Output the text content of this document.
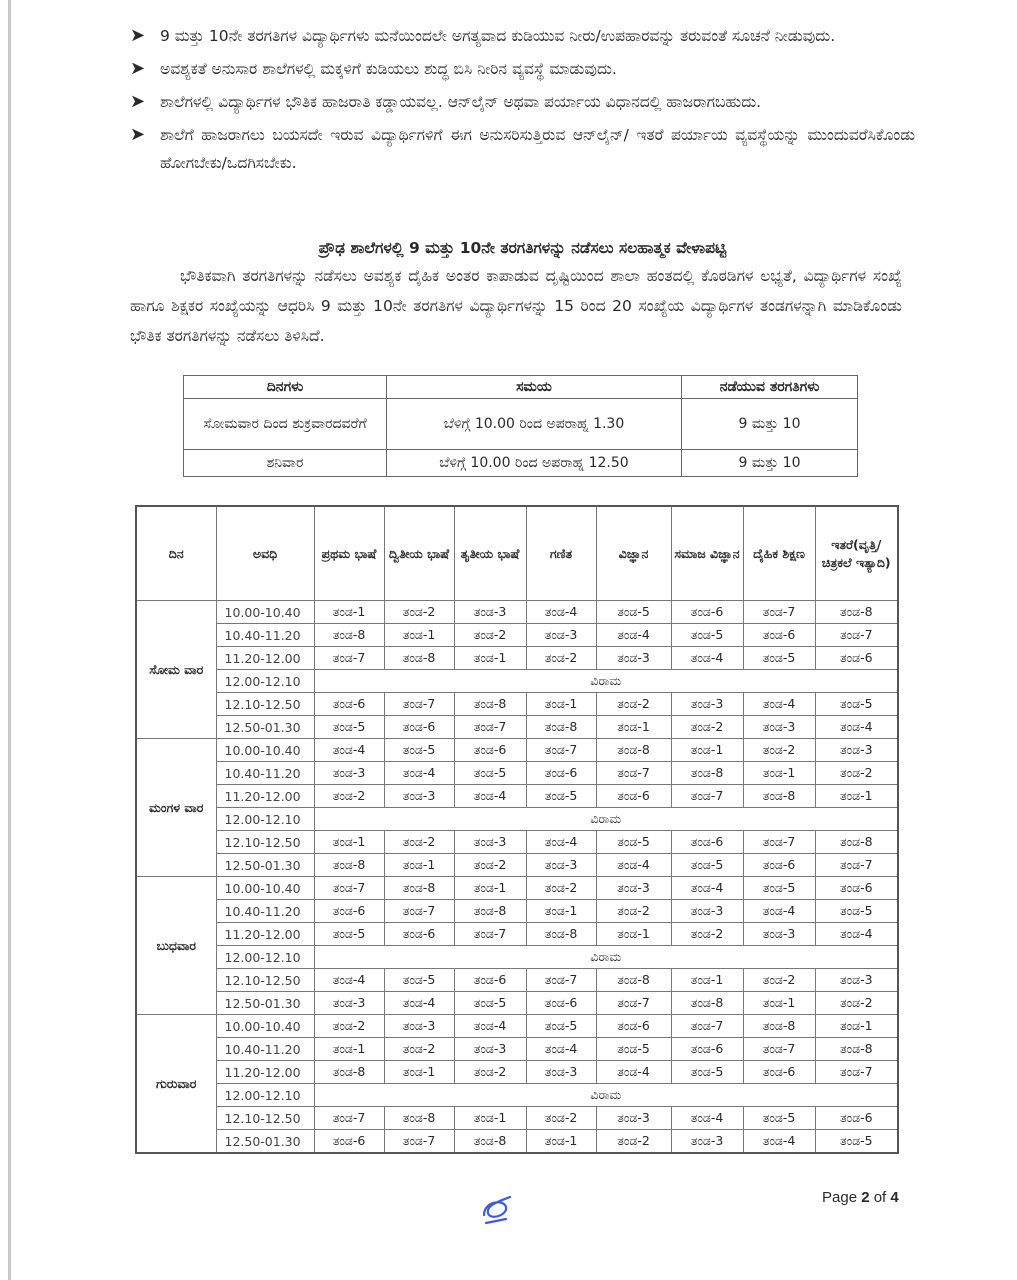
➤ 9 ಮತ್ತು 10ನೇ ತರಗತಿಗಳ ವಿದ್ಯಾರ್ಥಿಗಳು ಮನೆಯಿಂದಲೇ ಅಗತ್ಯವಾದ ಕುಡಿಯುವ ನೀರು/ಉಪಹಾರವನ್ನು ತರುವಂತೆ ಸೂಚನೆ ನೀಡುವುದು.
➤ ಅವಶ್ಯಕತೆ ಅನುಸಾರ ಶಾಲೆಗಳಲ್ಲಿ ಮಕ್ಕಳಿಗೆ ಕುಡಿಯಲು ಶುದ್ಧ ಬಿಸಿ ನೀರಿನ ವ್ಯವಸ್ಥೆ ಮಾಡುವುದು.
➤ ಶಾಲೆಗಳಲ್ಲಿ ವಿದ್ಯಾರ್ಥಿಗಳ ಭೌತಿಕ ಹಾಜರಾತಿ ಕಡ್ಡಾಯವಲ್ಲ. ಆನ್‌ಲೈನ್ ಅಥವಾ ಪರ್ಯಾಯ ವಿಧಾನದಲ್ಲಿ ಹಾಜರಾಗಬಹುದು.
➤ ಶಾಲೆಗೆ ಹಾಜರಾಗಲು ಬಯಸದೇ ಇರುವ ವಿದ್ಯಾರ್ಥಿಗಳಿಗೆ ಈಗ ಅನುಸರಿಸುತ್ತಿರುವ ಆನ್‌ಲೈನ್/ ಇತರೆ ಪರ್ಯಾಯ ವ್ಯವಸ್ಥೆಯನ್ನು ಮುಂದುವರೆಸಿಕೊಂಡು ಹೋಗಬೇಕು/ಒದಗಿಸಬೇಕು.
ಪ್ರೌಢ ಶಾಲೆಗಳಲ್ಲಿ 9 ಮತ್ತು 10ನೇ ತರಗತಿಗಳನ್ನು ನಡೆಸಲು ಸಲಹಾತ್ಮಕ ವೇಳಾಪಟ್ಟಿ
ಭೌತಿಕವಾಗಿ ತರಗತಿಗಳನ್ನು ನಡೆಸಲು ಅವಶ್ಯಕ ದೈಹಿಕ ಅಂತರ ಕಾಪಾಡುವ ದೃಷ್ಟಿಯಿಂದ ಶಾಲಾ ಹಂತದಲ್ಲಿ ಕೊಠಡಿಗಳ ಲಭ್ಯತೆ, ವಿದ್ಯಾರ್ಥಿಗಳ ಸಂಖ್ಯೆ ಹಾಗೂ ಶಿಕ್ಷಕರ ಸಂಖ್ಯೆಯನ್ನು ಆಧರಿಸಿ 9 ಮತ್ತು 10ನೇ ತರಗತಿಗಳ ವಿದ್ಯಾರ್ಥಿಗಳನ್ನು 15 ರಿಂದ 20 ಸಂಖ್ಯೆಯ ವಿದ್ಯಾರ್ಥಿಗಳ ತಂಡಗಳನ್ನಾಗಿ ಮಾಡಿಕೊಂಡು ಭೌತಿಕ ತರಗತಿಗಳನ್ನು ನಡೆಸಲು ತಿಳಿಸಿದೆ.
ದಿನಗಳು	ಸಮಯ	ನಡೆಯುವ ತರಗತಿಗಳು
ಸೋಮವಾರ ದಿಂದ ಶುಕ್ರವಾರದವರೆಗೆ	ಬೆಳಿಗ್ಗೆ 10.00 ರಿಂದ ಅಪರಾಹ್ನ 1.30	9 ಮತ್ತು 10
ಶನಿವಾರ	ಬೆಳಿಗ್ಗೆ 10.00 ರಿಂದ ಅಪರಾಹ್ನ 12.50	9 ಮತ್ತು 10
ದಿನ	ಅವಧಿ	ಪ್ರಥಮ ಭಾಷೆ	ದ್ವಿತೀಯ ಭಾಷೆ	ತೃತೀಯ ಭಾಷೆ	ಗಣಿತ	ವಿಜ್ಞಾನ	ಸಮಾಜ ವಿಜ್ಞಾನ	ದೈಹಿಕ ಶಿಕ್ಷಣ	ಇತರೆ(ವೃತ್ತಿ/ ಚಿತ್ರಕಲೆ ಇತ್ಯಾದಿ)
ಸೋಮ ವಾರ	10.00-10.40	ತಂಡ-1	ತಂಡ-2	ತಂಡ-3	ತಂಡ-4	ತಂಡ-5	ತಂಡ-6	ತಂಡ-7	ತಂಡ-8
	10.40-11.20	ತಂಡ-8	ತಂಡ-1	ತಂಡ-2	ತಂಡ-3	ತಂಡ-4	ತಂಡ-5	ತಂಡ-6	ತಂಡ-7
	11.20-12.00	ತಂಡ-7	ತಂಡ-8	ತಂಡ-1	ತಂಡ-2	ತಂಡ-3	ತಂಡ-4	ತಂಡ-5	ತಂಡ-6
	12.00-12.10	ವಿರಾಮ							
	12.10-12.50	ತಂಡ-6	ತಂಡ-7	ತಂಡ-8	ತಂಡ-1	ತಂಡ-2	ತಂಡ-3	ತಂಡ-4	ತಂಡ-5
	12.50-01.30	ತಂಡ-5	ತಂಡ-6	ತಂಡ-7	ತಂಡ-8	ತಂಡ-1	ತಂಡ-2	ತಂಡ-3	ತಂಡ-4
ಮಂಗಳ ವಾರ	10.00-10.40	ತಂಡ-4	ತಂಡ-5	ತಂಡ-6	ತಂಡ-7	ತಂಡ-8	ತಂಡ-1	ತಂಡ-2	ತಂಡ-3
	10.40-11.20	ತಂಡ-3	ತಂಡ-4	ತಂಡ-5	ತಂಡ-6	ತಂಡ-7	ತಂಡ-8	ತಂಡ-1	ತಂಡ-2
	11.20-12.00	ತಂಡ-2	ತಂಡ-3	ತಂಡ-4	ತಂಡ-5	ತಂಡ-6	ತಂಡ-7	ತಂಡ-8	ತಂಡ-1
	12.00-12.10	ವಿರಾಮ							
	12.10-12.50	ತಂಡ-1	ತಂಡ-2	ತಂಡ-3	ತಂಡ-4	ತಂಡ-5	ತಂಡ-6	ತಂಡ-7	ತಂಡ-8
	12.50-01.30	ತಂಡ-8	ತಂಡ-1	ತಂಡ-2	ತಂಡ-3	ತಂಡ-4	ತಂಡ-5	ತಂಡ-6	ತಂಡ-7
ಬುಧವಾರ	10.00-10.40	ತಂಡ-7	ತಂಡ-8	ತಂಡ-1	ತಂಡ-2	ತಂಡ-3	ತಂಡ-4	ತಂಡ-5	ತಂಡ-6
	10.40-11.20	ತಂಡ-6	ತಂಡ-7	ತಂಡ-8	ತಂಡ-1	ತಂಡ-2	ತಂಡ-3	ತಂಡ-4	ತಂಡ-5
	11.20-12.00	ತಂಡ-5	ತಂಡ-6	ತಂಡ-7	ತಂಡ-8	ತಂಡ-1	ತಂಡ-2	ತಂಡ-3	ತಂಡ-4
	12.00-12.10	ವಿರಾಮ							
	12.10-12.50	ತಂಡ-4	ತಂಡ-5	ತಂಡ-6	ತಂಡ-7	ತಂಡ-8	ತಂಡ-1	ತಂಡ-2	ತಂಡ-3
	12.50-01.30	ತಂಡ-3	ತಂಡ-4	ತಂಡ-5	ತಂಡ-6	ತಂಡ-7	ತಂಡ-8	ತಂಡ-1	ತಂಡ-2
ಗುರುವಾರ	10.00-10.40	ತಂಡ-2	ತಂಡ-3	ತಂಡ-4	ತಂಡ-5	ತಂಡ-6	ತಂಡ-7	ತಂಡ-8	ತಂಡ-1
	10.40-11.20	ತಂಡ-1	ತಂಡ-2	ತಂಡ-3	ತಂಡ-4	ತಂಡ-5	ತಂಡ-6	ತಂಡ-7	ತಂಡ-8
	11.20-12.00	ತಂಡ-8	ತಂಡ-1	ತಂಡ-2	ತಂಡ-3	ತಂಡ-4	ತಂಡ-5	ತಂಡ-6	ತಂಡ-7
	12.00-12.10	ವಿರಾಮ							
	12.10-12.50	ತಂಡ-7	ತಂಡ-8	ತಂಡ-1	ತಂಡ-2	ತಂಡ-3	ತಂಡ-4	ತಂಡ-5	ತಂಡ-6
	12.50-01.30	ತಂಡ-6	ತಂಡ-7	ತಂಡ-8	ತಂಡ-1	ತಂಡ-2	ತಂಡ-3	ತಂಡ-4	ತಂಡ-5
Page 2 of 4
